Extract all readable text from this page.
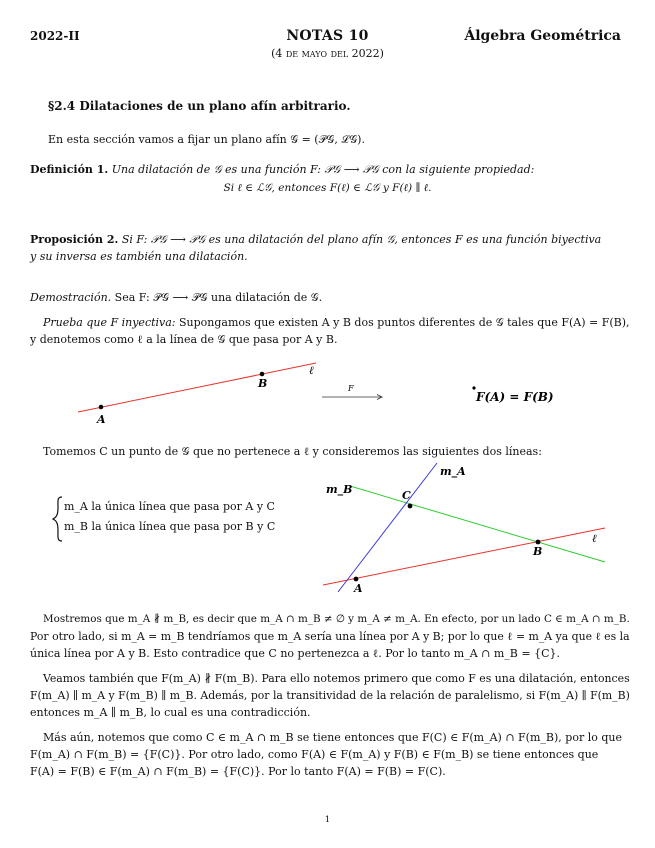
2022-II	NOTAS 10
(4 de mayo del 2022)
Álgebra Geométrica
§2.4 Dilataciones de un plano afín arbitrario.
En esta sección vamos a fijar un plano afín 𝒢 = (𝒫𝒢, ℒ𝒢).
Definición 1. Una dilatación de 𝒢 es una función F: 𝒫𝒢 ⟶ 𝒫𝒢 con la siguiente propiedad:
Si ℓ ∈ ℒ𝒢, entonces F(ℓ) ∈ ℒ𝒢 y F(ℓ) ∥ ℓ.
Proposición 2. Si F: 𝒫𝒢 ⟶ 𝒫𝒢 es una dilatación del plano afín 𝒢, entonces F es una función biyectiva
y su inversa es también una dilatación.
Demostración. Sea F: 𝒫𝒢 ⟶ 𝒫𝒢 una dilatación de 𝒢.
Prueba que F inyectiva: Supongamos que existen A y B dos puntos diferentes de 𝒢 tales que F(A) = F(B),
y denotemos como ℓ a la línea de 𝒢 que pasa por A y B.
A
B
ℓ
F
F(A) = F(B)
Tomemos C un punto de 𝒢 que no pertenece a ℓ y consideremos las siguientes dos líneas:
m_A la única línea que pasa por A y C
m_B la única línea que pasa por B y C
m_A
m_B	C
B
A
ℓ
Mostremos que m_A ∦ m_B, es decir que m_A ∩ m_B ≠ ∅ y m_A ≠ m_A. En efecto, por un lado C ∈ m_A ∩ m_B.
Por otro lado, si m_A = m_B tendríamos que m_A sería una línea por A y B; por lo que ℓ = m_A ya que ℓ es la
única línea por A y B. Esto contradice que C no pertenezca a ℓ. Por lo tanto m_A ∩ m_B = {C}.
Veamos también que F(m_A) ∦ F(m_B). Para ello notemos primero que como F es una dilatación, entonces
F(m_A) ∥ m_A y F(m_B) ∥ m_B. Además, por la transitividad de la relación de paralelismo, si F(m_A) ∥ F(m_B)
entonces m_A ∥ m_B, lo cual es una contradicción.
Más aún, notemos que como C ∈ m_A ∩ m_B se tiene entonces que F(C) ∈ F(m_A) ∩ F(m_B), por lo que
F(m_A) ∩ F(m_B) = {F(C)}. Por otro lado, como F(A) ∈ F(m_A) y F(B) ∈ F(m_B) se tiene entonces que
F(A) = F(B) ∈ F(m_A) ∩ F(m_B) = {F(C)}. Por lo tanto F(A) = F(B) = F(C).
1
